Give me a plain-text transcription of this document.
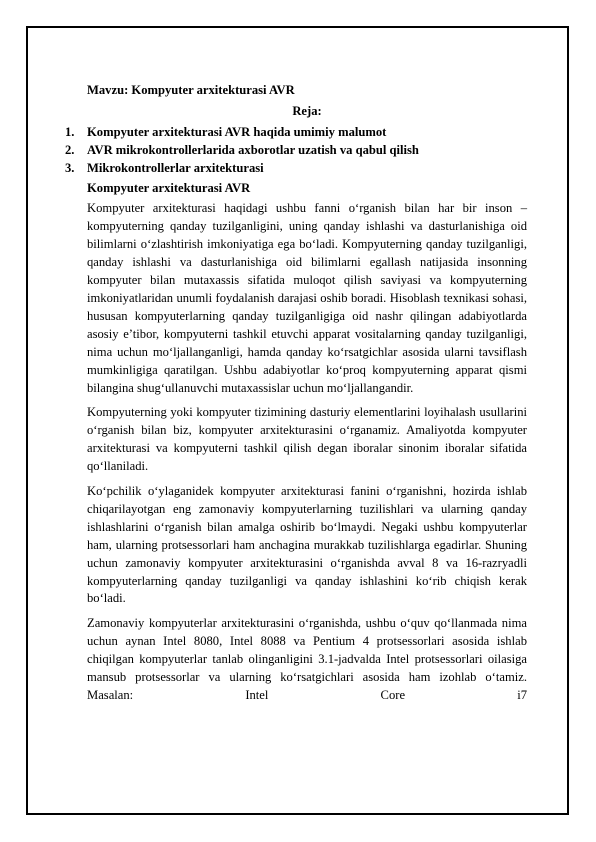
Mavzu: Kompyuter arxitekturasi AVR

Reja:

1. Kompyuter arxitekturasi AVR haqida umimiy malumot
2. AVR mikrokontrollerlarida axborotlar uzatish va qabul qilish
3. Mikrokontrollerlar arxitekturasi

Kompyuter arxitekturasi AVR

Kompyuter arxitekturasi haqidagi ushbu fanni o‘rganish bilan har bir inson – kompyuterning qanday tuzilganligini, uning qanday ishlashi va dasturlanishiga oid bilimlarni o‘zlashtirish imkoniyatiga ega bo‘ladi. Kompyuterning qanday tuzilganligi, qanday ishlashi va dasturlanishiga oid bilimlarni egallash natijasida insonning kompyuter bilan mutaxassis sifatida muloqot qilish saviyasi va kompyuterning imkoniyatlaridan unumli foydalanish darajasi oshib boradi. Hisoblash texnikasi sohasi, hususan kompyuterlarning qanday tuzilganligiga oid nashr qilingan adabiyotlarda asosiy e’tibor, kompyuterni tashkil etuvchi apparat vositalarning qanday tuzilganligi, nima uchun mo‘ljallanganligi, hamda qanday ko‘rsatgichlar asosida ularni tavsiflash mumkinligiga qaratilgan. Ushbu adabiyotlar ko‘proq kompyuterning apparat qismi bilangina shug‘ullanuvchi mutaxassislar uchun mo‘ljallangandir.

Kompyuterning yoki kompyuter tizimining dasturiy elementlarini loyihalash usullarini o‘rganish bilan biz, kompyuter arxitekturasini o‘rganamiz. Amaliyotda kompyuter arxitekturasi va kompyuterni tashkil qilish degan iboralar sinonim iboralar sifatida qo‘llaniladi.

Ko‘pchilik o‘ylaganidek kompyuter arxitekturasi fanini o‘rganishni, hozirda ishlab chiqarilayotgan eng zamonaviy kompyuterlarning tuzilishlari va ularning qanday ishlashlarini o‘rganish bilan amalga oshirib bo‘lmaydi. Negaki ushbu kompyuterlar ham, ularning protsessorlari ham anchagina murakkab tuzilishlarga egadirlar. Shuning uchun zamonaviy kompyuter arxitekturasini o‘rganishda avval 8 va 16-razryadli kompyuterlarning qanday tuzilganligi va qanday ishlashini ko‘rib chiqish kerak bo‘ladi.

Zamonaviy kompyuterlar arxitekturasini o‘rganishda, ushbu o‘quv qo‘llanmada nima uchun aynan Intel 8080, Intel 8088 va Pentium 4 protsessorlari asosida ishlab chiqilgan kompyuterlar tanlab olinganligini 3.1-jadvalda Intel protsessorlari oilasiga mansub protsessorlar va ularning ko‘rsatgichlari asosida ham izohlab o‘tamiz. Masalan: Intel Core i7
